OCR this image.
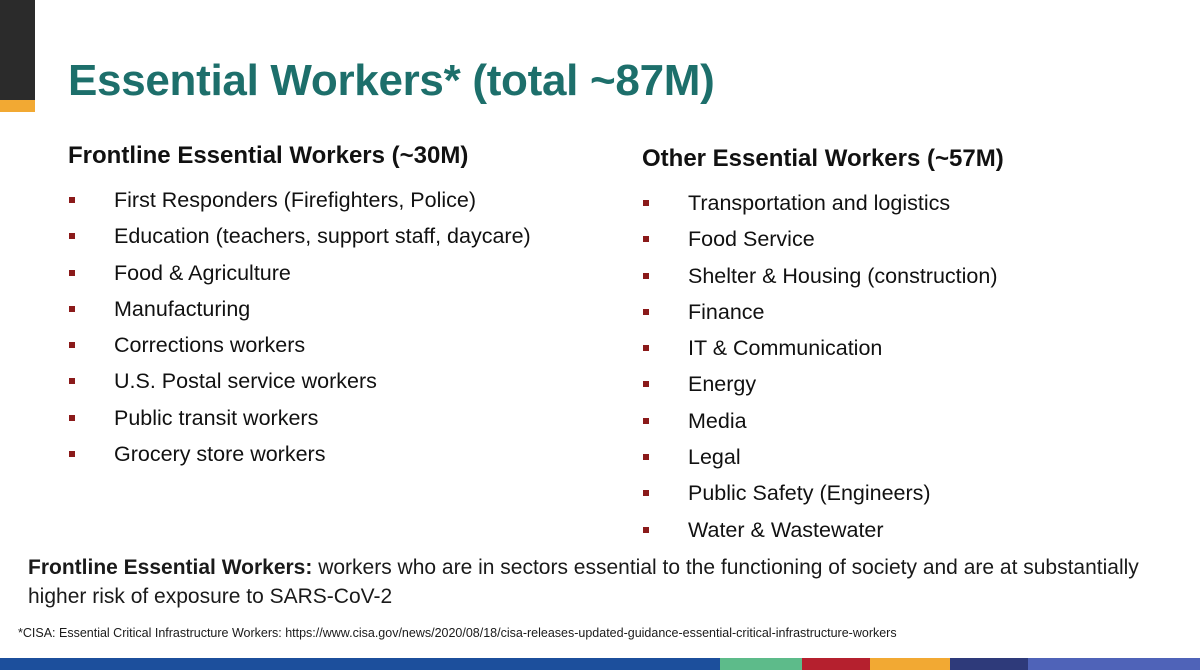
Essential Workers* (total ~87M)
Frontline Essential Workers (~30M)
First Responders (Firefighters, Police)
Education (teachers, support staff, daycare)
Food & Agriculture
Manufacturing
Corrections workers
U.S. Postal service workers
Public transit workers
Grocery store workers
Other Essential Workers (~57M)
Transportation and logistics
Food Service
Shelter & Housing (construction)
Finance
IT & Communication
Energy
Media
Legal
Public Safety (Engineers)
Water & Wastewater

Frontline Essential Workers: workers who are in sectors essential to the functioning of society and are at substantially higher risk of exposure to SARS-CoV-2

*CISA: Essential Critical Infrastructure Workers: https://www.cisa.gov/news/2020/08/18/cisa-releases-updated-guidance-essential-critical-infrastructure-workers
